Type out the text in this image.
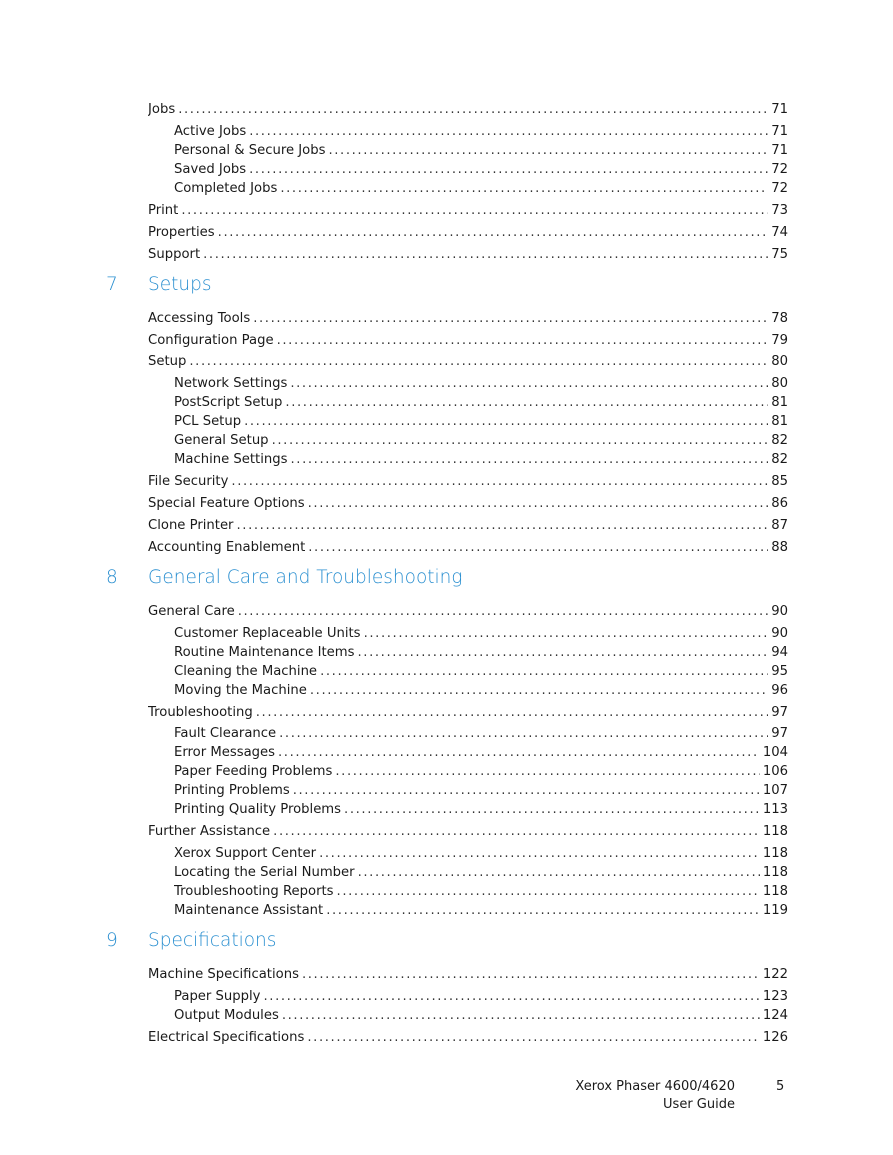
Jobs .....	71
Active Jobs .....	71
Personal & Secure Jobs .....	71
Saved Jobs .....	72
Completed Jobs .....	72
Print .....	73
Properties .....	74
Support .....	75
7 Setups
Accessing Tools .....	78
Configuration Page .....	79
Setup .....	80
Network Settings .....	80
PostScript Setup .....	81
PCL Setup .....	81
General Setup .....	82
Machine Settings .....	82
File Security .....	85
Special Feature Options .....	86
Clone Printer .....	87
Accounting Enablement .....	88
8 General Care and Troubleshooting
General Care .....	90
Customer Replaceable Units .....	90
Routine Maintenance Items .....	94
Cleaning the Machine .....	95
Moving the Machine .....	96
Troubleshooting .....	97
Fault Clearance .....	97
Error Messages .....	104
Paper Feeding Problems .....	106
Printing Problems .....	107
Printing Quality Problems .....	113
Further Assistance .....	118
Xerox Support Center .....	118
Locating the Serial Number .....	118
Troubleshooting Reports .....	118
Maintenance Assistant .....	119
9 Specifications
Machine Specifications .....	122
Paper Supply .....	123
Output Modules .....	124
Electrical Specifications .....	126
Xerox Phaser 4600/4620
User Guide
5
